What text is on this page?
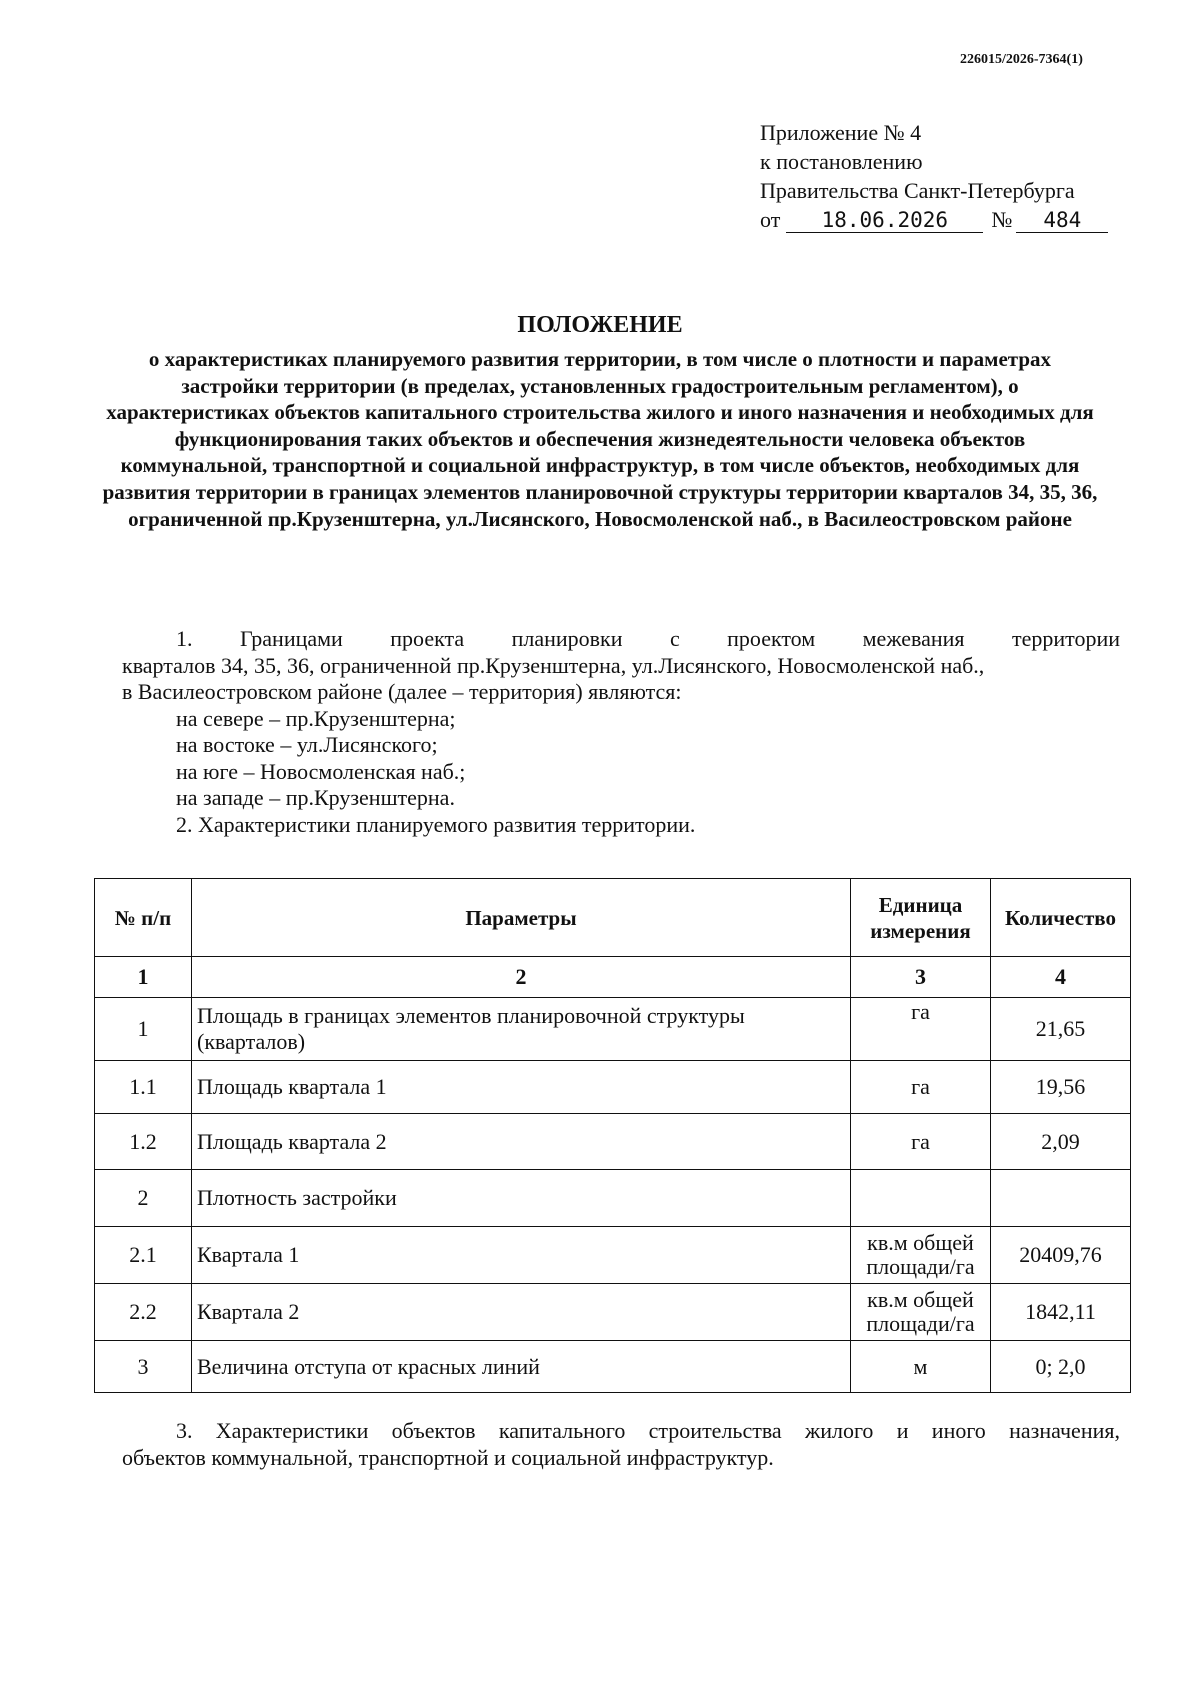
226015/2026-7364(1)
Приложение № 4
к постановлению
Правительства Санкт-Петербурга
от 18.06.2026 № 484
ПОЛОЖЕНИЕ
о характеристиках планируемого развития территории, в том числе о плотности и параметрах застройки территории (в пределах, установленных градостроительным регламентом), о характеристиках объектов капитального строительства жилого и иного назначения и необходимых для функционирования таких объектов и обеспечения жизнедеятельности человека объектов коммунальной, транспортной и социальной инфраструктур, в том числе объектов, необходимых для развития территории в границах элементов планировочной структуры территории кварталов 34, 35, 36, ограниченной пр.Крузенштерна, ул.Лисянского, Новосмоленской наб., в Василеостровском районе
1. Границами проекта планировки с проектом межевания территории
кварталов 34, 35, 36, ограниченной пр.Крузенштерна, ул.Лисянского, Новосмоленской наб.,
в Василеостровском районе (далее – территория) являются:
на севере – пр.Крузенштерна;
на востоке – ул.Лисянского;
на юге – Новосмоленская наб.;
на западе – пр.Крузенштерна.
2. Характеристики планируемого развития территории.
№ п/п	Параметры	Единица измерения	Количество
1	2	3	4
1	Площадь в границах элементов планировочной структуры (кварталов)	га	21,65
1.1	Площадь квартала 1	га	19,56
1.2	Площадь квартала 2	га	2,09
2	Плотность застройки		
2.1	Квартала 1	кв.м общей площади/га	20409,76
2.2	Квартала 2	кв.м общей площади/га	1842,11
3	Величина отступа от красных линий	м	0; 2,0
3. Характеристики объектов капитального строительства жилого и иного назначения,
объектов коммунальной, транспортной и социальной инфраструктур.
